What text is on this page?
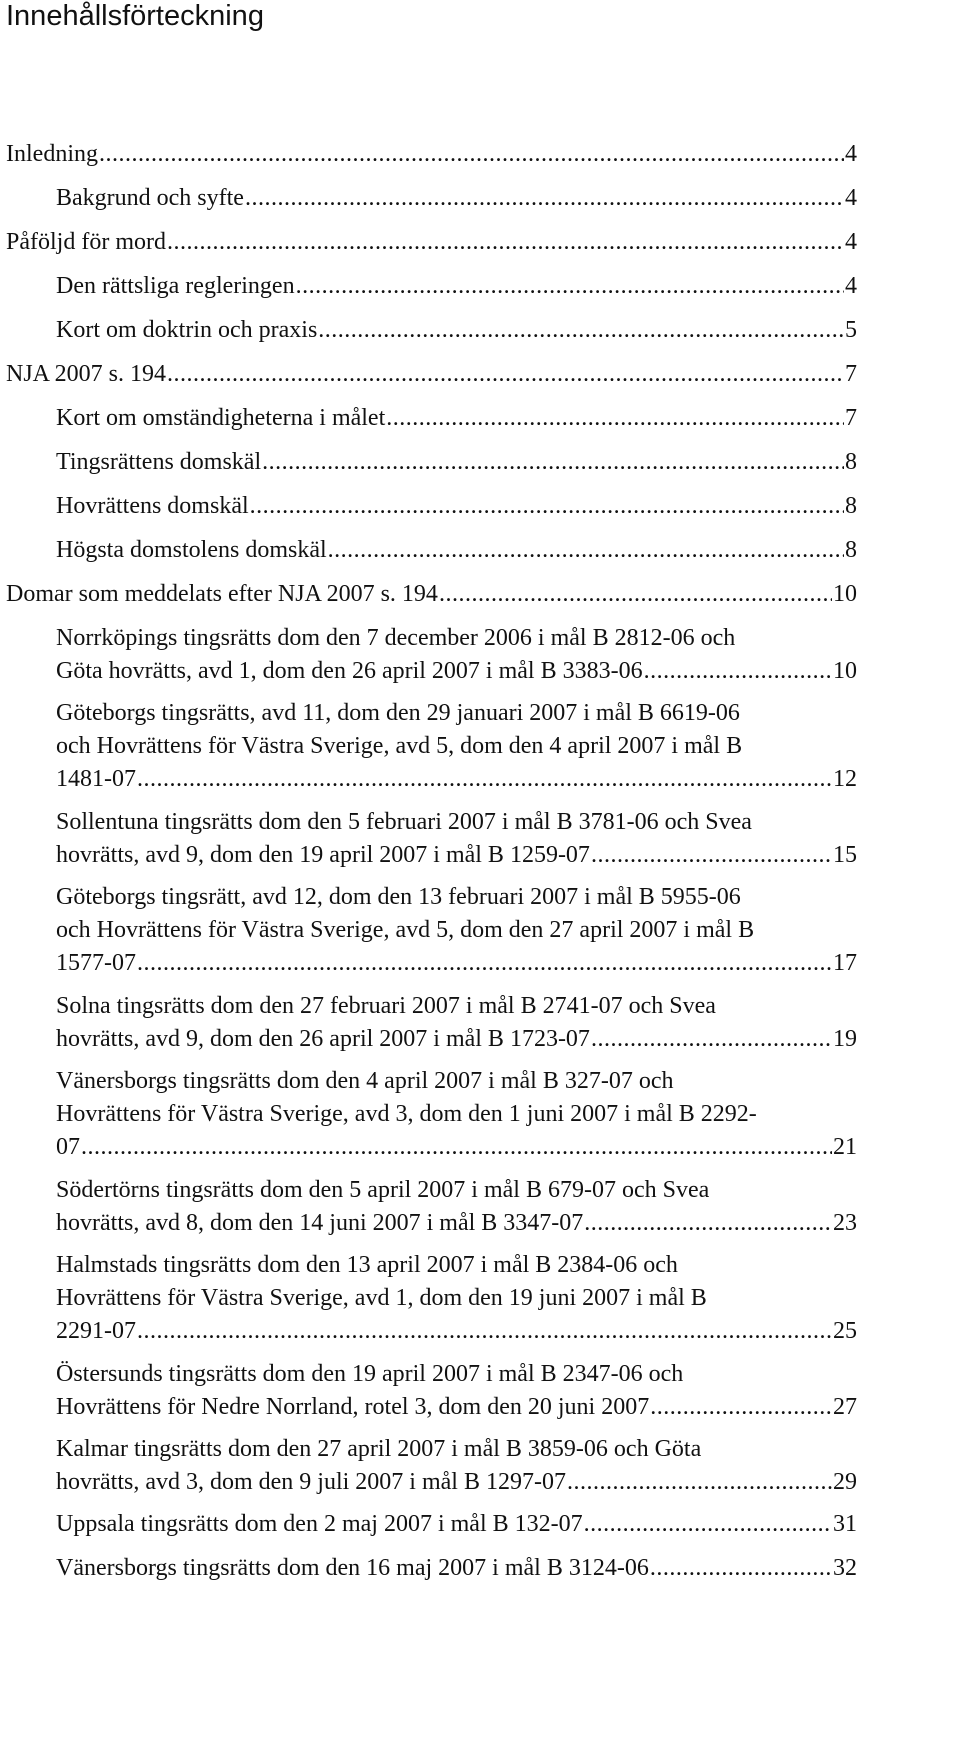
Innehållsförteckning
Inledning .....	4
Bakgrund och syfte .....	4
Påföljd för mord .....	4
Den rättsliga regleringen .....	4
Kort om doktrin och praxis .....	5
NJA 2007 s. 194 .....	7
Kort om omständigheterna i målet .....	7
Tingsrättens domskäl .....	8
Hovrättens domskäl .....	8
Högsta domstolens domskäl .....	8
Domar som meddelats efter NJA 2007 s. 194 .....	10
Norrköpings tingsrätts dom den 7 december 2006 i mål B 2812-06 och
Göta hovrätts, avd 1, dom den 26 april 2007 i mål B 3383-06 .....	10
Göteborgs tingsrätts, avd 11, dom den 29 januari 2007 i mål B 6619-06
och Hovrättens för Västra Sverige, avd 5, dom den 4 april 2007 i mål B
1481-07 .....	12
Sollentuna tingsrätts dom den 5 februari 2007 i mål B 3781-06 och Svea
hovrätts, avd 9, dom den 19 april 2007 i mål B 1259-07 .....	15
Göteborgs tingsrätt, avd 12, dom den 13 februari 2007 i mål B 5955-06
och Hovrättens för Västra Sverige, avd 5, dom den 27 april 2007 i mål B
1577-07 .....	17
Solna tingsrätts dom den 27 februari 2007 i mål B 2741-07 och Svea
hovrätts, avd 9, dom den 26 april 2007 i mål B 1723-07 .....	19
Vänersborgs tingsrätts dom den 4 april 2007 i mål B 327-07 och
Hovrättens för Västra Sverige, avd 3, dom den 1 juni 2007 i mål B 2292-
07 .....	21
Södertörns tingsrätts dom den 5 april 2007 i mål B 679-07 och Svea
hovrätts, avd 8, dom den 14 juni 2007 i mål B 3347-07 .....	23
Halmstads tingsrätts dom den 13 april 2007 i mål B 2384-06 och
Hovrättens för Västra Sverige, avd 1, dom den 19 juni 2007 i mål B
2291-07 .....	25
Östersunds tingsrätts dom den 19 april 2007 i mål B 2347-06 och
Hovrättens för Nedre Norrland, rotel 3, dom den 20 juni 2007 .....	27
Kalmar tingsrätts dom den 27 april 2007 i mål B 3859-06 och Göta
hovrätts, avd 3, dom den 9 juli 2007 i mål B 1297-07 .....	29
Uppsala tingsrätts dom den 2 maj 2007 i mål B 132-07 .....	31
Vänersborgs tingsrätts dom den 16 maj 2007 i mål B 3124-06 .....	32
